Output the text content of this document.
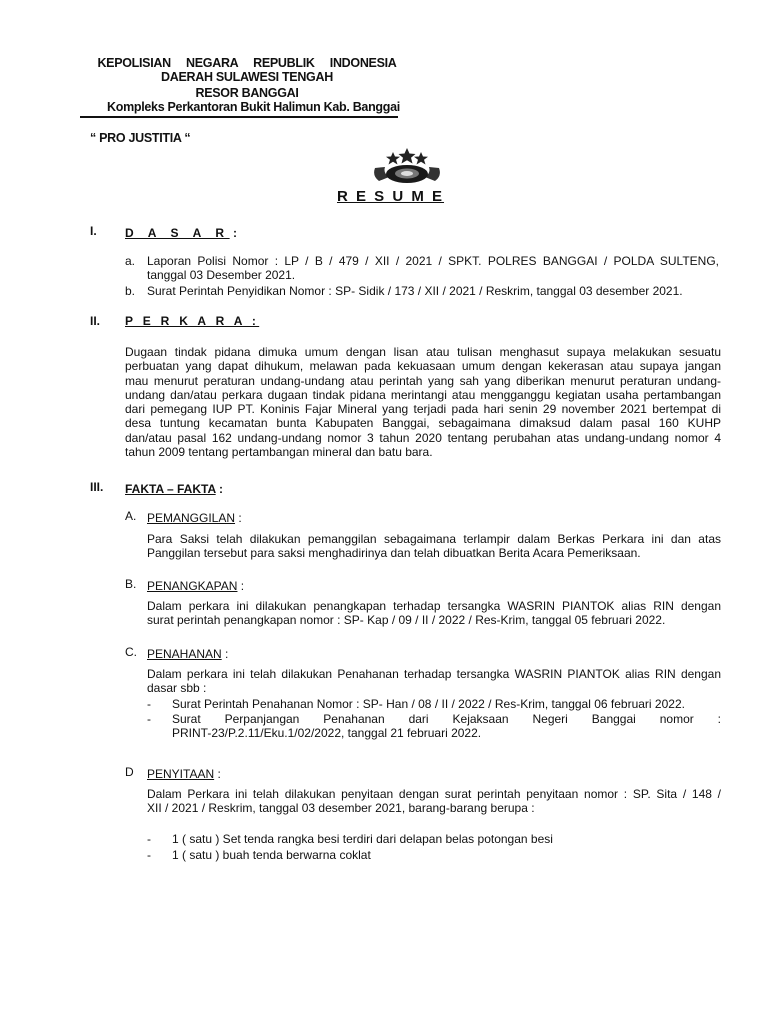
KEPOLISIAN NEGARA REPUBLIK INDONESIA
DAERAH SULAWESI TENGAH
RESOR BANGGAI
Kompleks Perkantoran Bukit Halimun Kab. Banggai
“ PRO JUSTITIA “
R E S U M E
I. D A S A R :
a. Laporan Polisi Nomor : LP / B / 479 / XII / 2021 / SPKT. POLRES BANGGAI / POLDA SULTENG,
tanggal 03 Desember 2021.
b. Surat Perintah Penyidikan Nomor : SP- Sidik / 173 / XII / 2021 / Reskrim, tanggal 03 desember 2021.
II. P E R K A R A :
Dugaan tindak pidana dimuka umum dengan lisan atau tulisan menghasut supaya melakukan sesuatu
perbuatan yang dapat dihukum, melawan pada kekuasaan umum dengan kekerasan atau supaya jangan
mau menurut peraturan undang-undang atau perintah yang sah yang diberikan menurut peraturan undang-
undang dan/atau perkara dugaan tindak pidana merintangi atau mengganggu kegiatan usaha pertambangan
dari pemegang IUP PT. Koninis Fajar Mineral yang terjadi pada hari senin 29 november 2021 bertempat di
desa tuntung kecamatan bunta Kabupaten Banggai, sebagaimana dimaksud dalam pasal 160 KUHP
dan/atau pasal 162 undang-undang nomor 3 tahun 2020 tentang perubahan atas undang-undang nomor 4
tahun 2009 tentang pertambangan mineral dan batu bara.
III. FAKTA – FAKTA :
A. PEMANGGILAN :
Para Saksi telah dilakukan pemanggilan sebagaimana terlampir dalam Berkas Perkara ini dan atas
Panggilan tersebut para saksi menghadirinya dan telah dibuatkan Berita Acara Pemeriksaan.
B. PENANGKAPAN :
Dalam perkara ini dilakukan penangkapan terhadap tersangka WASRIN PIANTOK alias RIN dengan
surat perintah penangkapan nomor : SP- Kap / 09 / II / 2022 / Res-Krim, tanggal 05 februari 2022.
C. PENAHANAN :
Dalam perkara ini telah dilakukan Penahanan terhadap tersangka WASRIN PIANTOK alias RIN dengan
dasar sbb :
- Surat Perintah Penahanan Nomor : SP- Han / 08 / II / 2022 / Res-Krim, tanggal 06 februari 2022.
- Surat Perpanjangan Penahanan dari Kejaksaan Negeri Banggai nomor :
PRINT-23/P.2.11/Eku.1/02/2022, tanggal 21 februari 2022.
D PENYITAAN :
Dalam Perkara ini telah dilakukan penyitaan dengan surat perintah penyitaan nomor : SP. Sita / 148 /
XII / 2021 / Reskrim, tanggal 03 desember 2021, barang-barang berupa :
- 1 ( satu ) Set tenda rangka besi terdiri dari delapan belas potongan besi
- 1 ( satu ) buah tenda berwarna coklat
